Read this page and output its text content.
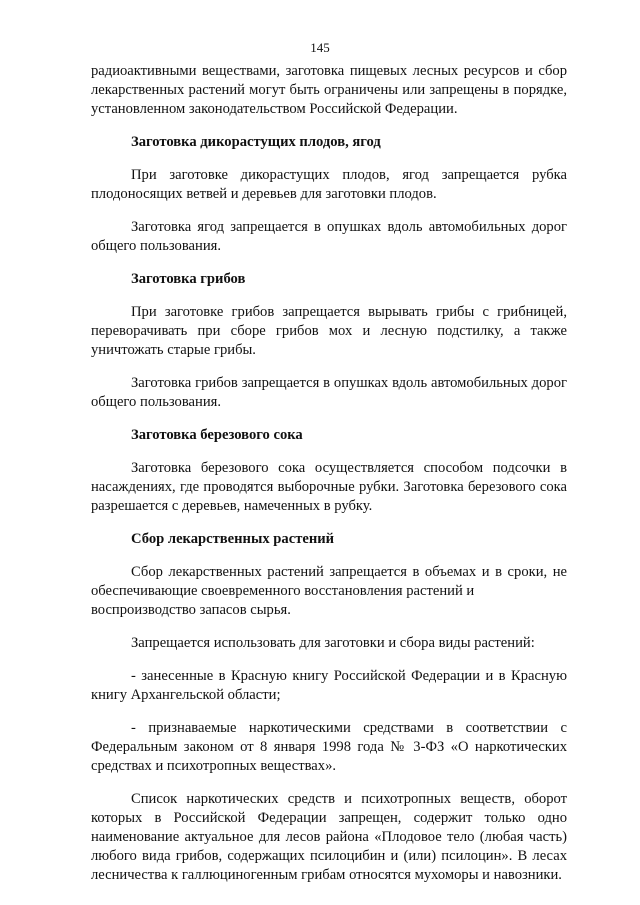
145

радиоактивными веществами, заготовка пищевых лесных ресурсов и сбор лекарственных растений могут быть ограничены или запрещены в порядке, установленном законодательством Российской Федерации.

Заготовка дикорастущих плодов, ягод

При заготовке дикорастущих плодов, ягод запрещается рубка плодоносящих ветвей и деревьев для заготовки плодов.

Заготовка ягод запрещается в опушках вдоль автомобильных дорог общего пользования.

Заготовка грибов

При заготовке грибов запрещается вырывать грибы с грибницей, переворачивать при сборе грибов мох и лесную подстилку, а также уничтожать старые грибы.

Заготовка грибов запрещается в опушках вдоль автомобильных дорог общего пользования.

Заготовка березового сока

Заготовка березового сока осуществляется способом подсочки в насаждениях, где проводятся выборочные рубки. Заготовка березового сока разрешается с деревьев, намеченных в рубку.

Сбор лекарственных растений

Сбор лекарственных растений запрещается в объемах и в сроки, не обеспечивающие своевременного восстановления растений и

воспроизводство запасов сырья.

Запрещается использовать для заготовки и сбора виды растений:

- занесенные в Красную книгу Российской Федерации и в Красную книгу Архангельской области;

- признаваемые наркотическими средствами в соответствии с Федеральным законом от 8 января 1998 года № 3-ФЗ «О наркотических средствах и психотропных веществах».

Список наркотических средств и психотропных веществ, оборот которых в Российской Федерации запрещен, содержит только одно наименование актуальное для лесов района «Плодовое тело (любая часть) любого вида грибов, содержащих псилоцибин и (или) псилоцин». В лесах лесничества к галлюциногенным грибам относятся мухоморы и навозники.
